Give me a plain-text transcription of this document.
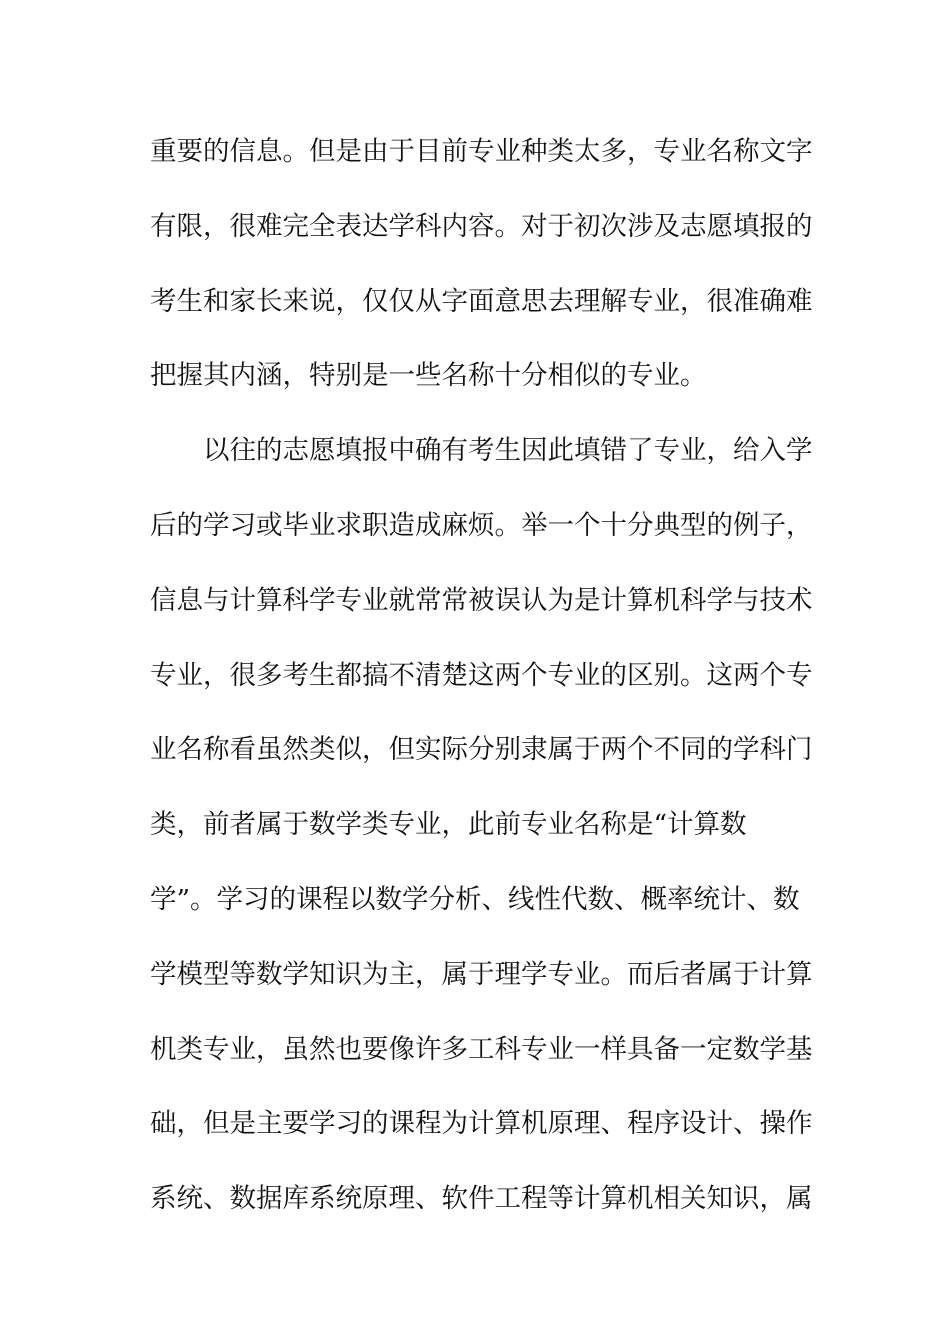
重要的信息。但是由于目前专业种类太多，专业名称文字
有限，很难完全表达学科内容。对于初次涉及志愿填报的
考生和家长来说，仅仅从字面意思去理解专业，很准确难
把握其内涵，特别是一些名称十分相似的专业。
以往的志愿填报中确有考生因此填错了专业，给入学
后的学习或毕业求职造成麻烦。举一个十分典型的例子，
信息与计算科学专业就常常被误认为是计算机科学与技术
专业，很多考生都搞不清楚这两个专业的区别。这两个专
业名称看虽然类似，但实际分别隶属于两个不同的学科门
类，前者属于数学类专业，此前专业名称是“计算数
学”。学习的课程以数学分析、线性代数、概率统计、数
学模型等数学知识为主，属于理学专业。而后者属于计算
机类专业，虽然也要像许多工科专业一样具备一定数学基
础，但是主要学习的课程为计算机原理、程序设计、操作
系统、数据库系统原理、软件工程等计算机相关知识，属
